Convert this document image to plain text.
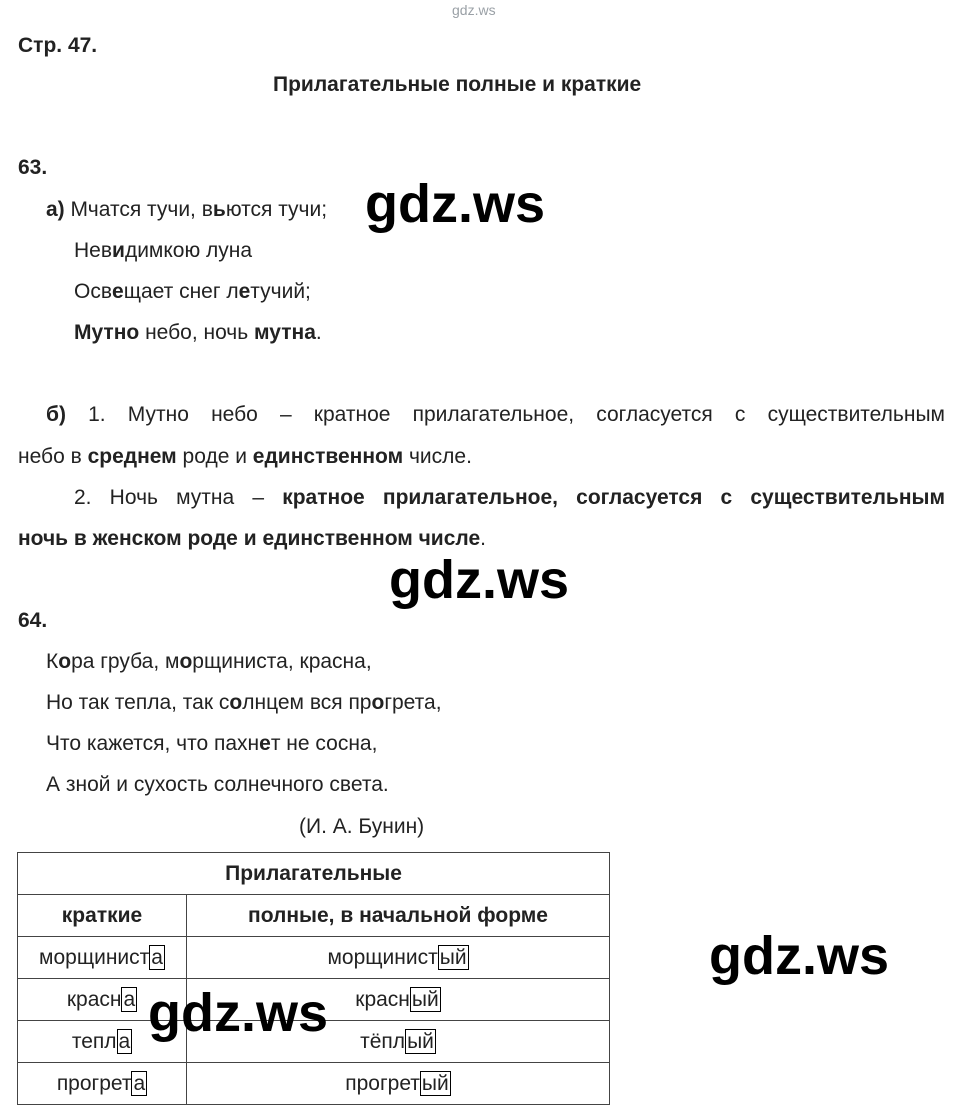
gdz.ws
Стр. 47.
Прилагательные полные и краткие
63.
а) Мчатся тучи, вьются тучи;
Невидимкою луна
Освещает снег летучий;
Мутно небо, ночь мутна.
gdz.ws
б) 1. Мутно небо – кратное прилагательное, согласуется с существительным
небо в среднем роде и единственном числе.
2. Ночь мутна – кратное прилагательное, согласуется с существительным
ночь в женском роде и единственном числе.
gdz.ws
64.
Кора груба, морщиниста, красна,
Но так тепла, так солнцем вся прогрета,
Что кажется, что пахнет не сосна,
А зной и сухость солнечного света.
(И. А. Бунин)
Прилагательные	
краткие	полные, в начальной форме
морщиниста	морщинистый
красна	красный
тепла	тёплый
прогрета	прогретый
gdz.ws
gdz.ws
